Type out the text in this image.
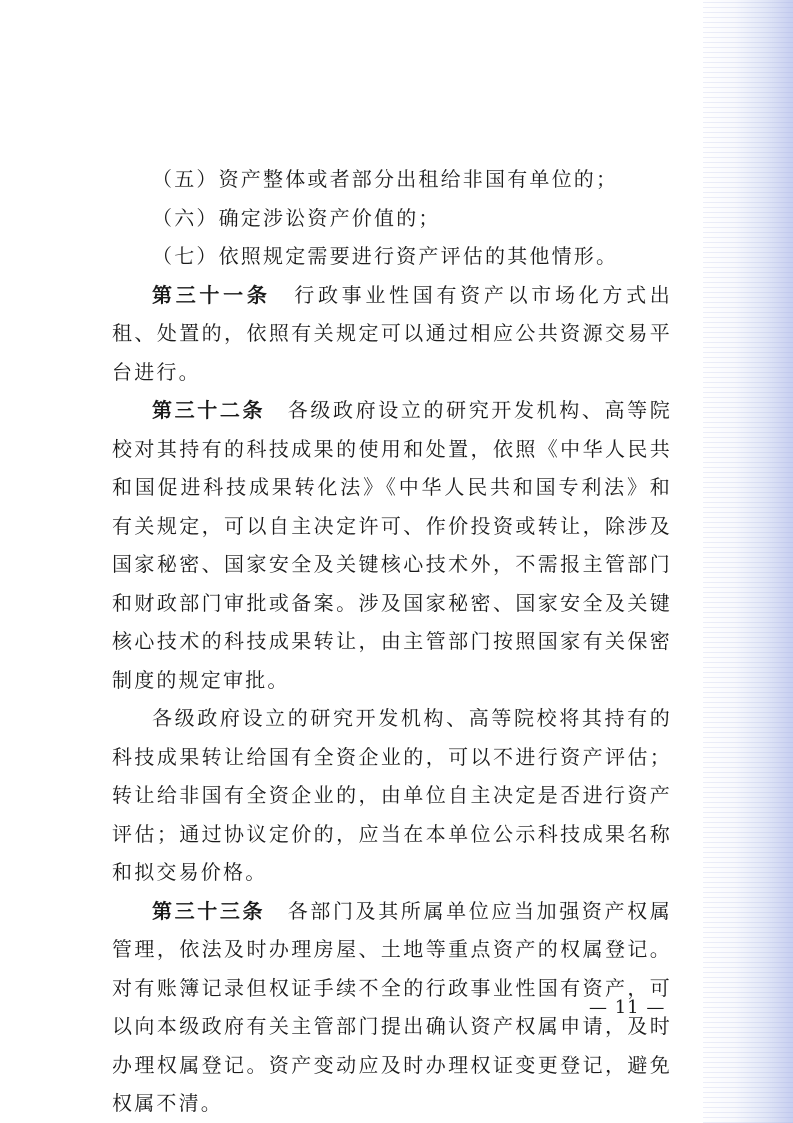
（五）资产整体或者部分出租给非国有单位的；

（六）确定涉讼资产价值的；

（七）依照规定需要进行资产评估的其他情形。

第三十一条　行政事业性国有资产以市场化方式出租、处置的，依照有关规定可以通过相应公共资源交易平台进行。

第三十二条　各级政府设立的研究开发机构、高等院校对其持有的科技成果的使用和处置，依照《中华人民共和国促进科技成果转化法》《中华人民共和国专利法》和有关规定，可以自主决定许可、作价投资或转让，除涉及国家秘密、国家安全及关键核心技术外，不需报主管部门和财政部门审批或备案。涉及国家秘密、国家安全及关键核心技术的科技成果转让，由主管部门按照国家有关保密制度的规定审批。

各级政府设立的研究开发机构、高等院校将其持有的科技成果转让给国有全资企业的，可以不进行资产评估；转让给非国有全资企业的，由单位自主决定是否进行资产评估；通过协议定价的，应当在本单位公示科技成果名称和拟交易价格。

第三十三条　各部门及其所属单位应当加强资产权属管理，依法及时办理房屋、土地等重点资产的权属登记。对有账簿记录但权证手续不全的行政事业性国有资产，可以向本级政府有关主管部门提出确认资产权属申请，及时办理权属登记。资产变动应及时办理权证变更登记，避免权属不清。

— 11 —
